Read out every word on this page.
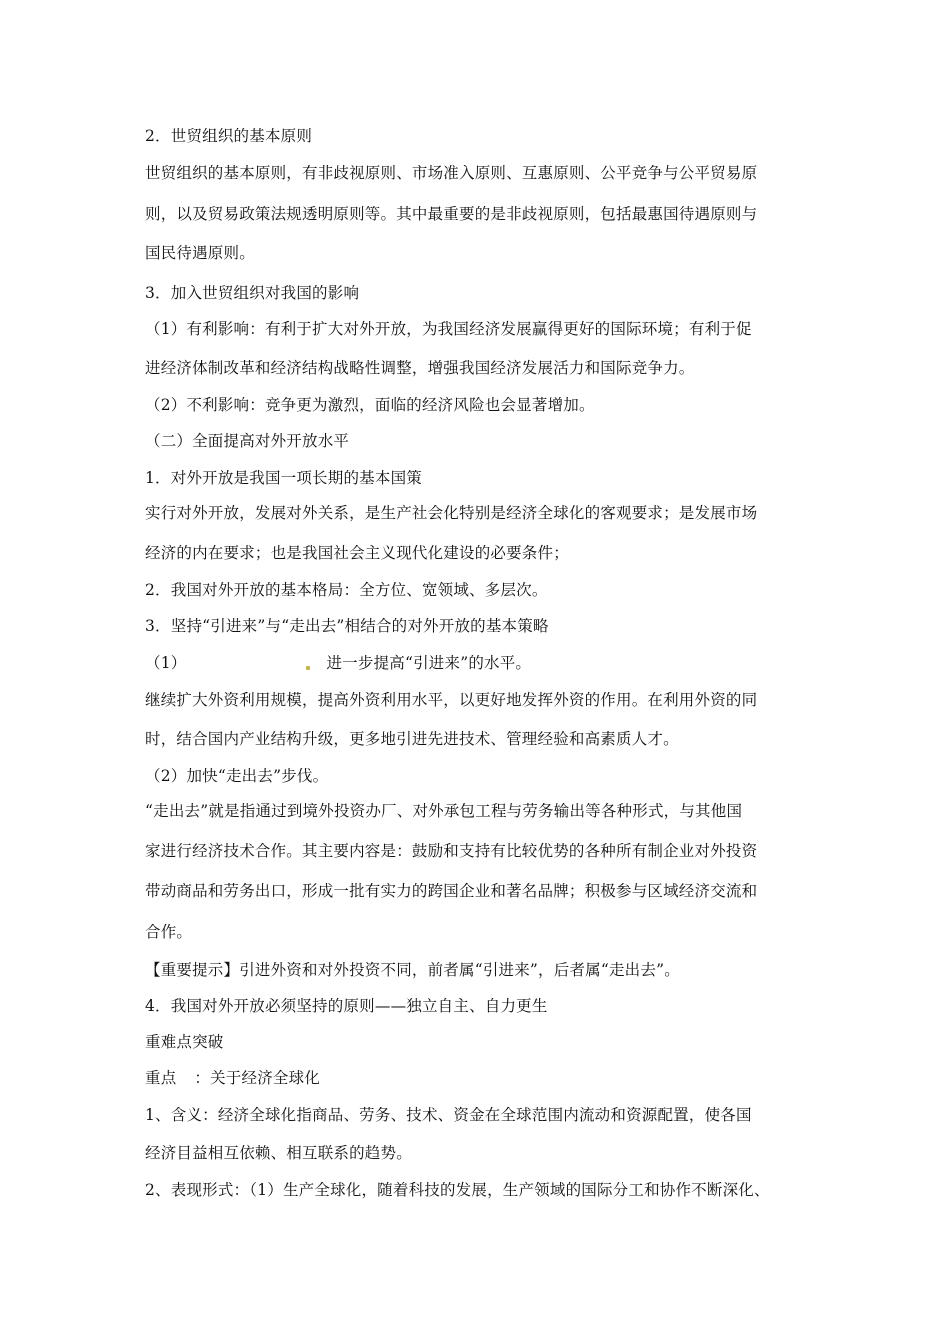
2．世贸组织的基本原则
世贸组织的基本原则，有非歧视原则、市场准入原则、互惠原则、公平竞争与公平贸易原
则，以及贸易政策法规透明原则等。其中最重要的是非歧视原则，包括最惠国待遇原则与
国民待遇原则。
3．加入世贸组织对我国的影响
（1）有利影响：有利于扩大对外开放，为我国经济发展赢得更好的国际环境；有利于促
进经济体制改革和经济结构战略性调整，增强我国经济发展活力和国际竞争力。
（2）不利影响：竞争更为激烈，面临的经济风险也会显著增加。
（二）全面提高对外开放水平
1．对外开放是我国一项长期的基本国策
实行对外开放，发展对外关系，是生产社会化特别是经济全球化的客观要求；是发展市场
经济的内在要求；也是我国社会主义现代化建设的必要条件；
2．我国对外开放的基本格局：全方位、宽领域、多层次。
3．坚持“引进来”与“走出去”相结合的对外开放的基本策略
（1）	进一步提高“引进来”的水平。
继续扩大外资利用规模，提高外资利用水平，以更好地发挥外资的作用。在利用外资的同
时，结合国内产业结构升级，更多地引进先进技术、管理经验和高素质人才。
（2）加快“走出去”步伐。
“走出去”就是指通过到境外投资办厂、对外承包工程与劳务输出等各种形式，与其他国
家进行经济技术合作。其主要内容是：鼓励和支持有比较优势的各种所有制企业对外投资
带动商品和劳务出口，形成一批有实力的跨国企业和著名品牌；积极参与区域经济交流和
合作。
【重要提示】引进外资和对外投资不同，前者属“引进来”，后者属“走出去”。
4．我国对外开放必须坚持的原则——独立自主、自力更生
重难点突破
重点 ：关于经济全球化
1、含义：经济全球化指商品、劳务、技术、资金在全球范围内流动和资源配置，使各国
经济目益相互依赖、相互联系的趋势。
2、表现形式：（1）生产全球化，随着科技的发展，生产领域的国际分工和协作不断深化、
